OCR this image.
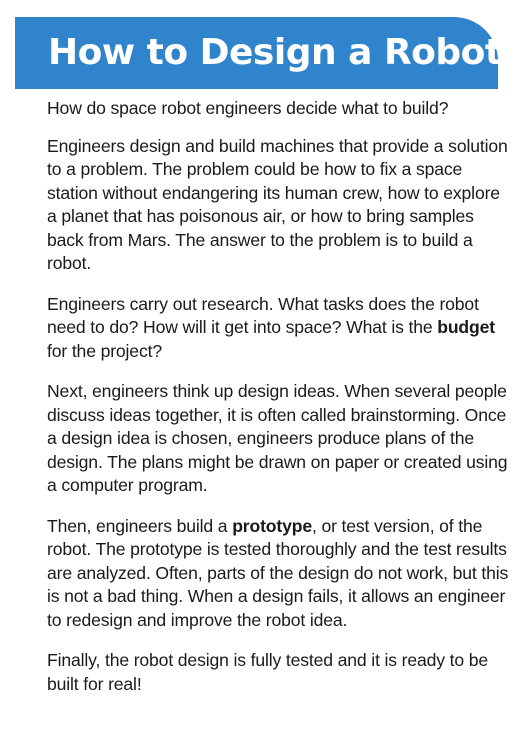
How to Design a Robot

How do space robot engineers decide what to build?

Engineers design and build machines that provide a solution to a problem. The problem could be how to fix a space station without endangering its human crew, how to explore a planet that has poisonous air, or how to bring samples back from Mars. The answer to the problem is to build a robot.

Engineers carry out research. What tasks does the robot need to do? How will it get into space? What is the budget for the project?

Next, engineers think up design ideas. When several people discuss ideas together, it is often called brainstorming. Once a design idea is chosen, engineers produce plans of the design. The plans might be drawn on paper or created using a computer program.

Then, engineers build a prototype, or test version, of the robot. The prototype is tested thoroughly and the test results are analyzed. Often, parts of the design do not work, but this is not a bad thing. When a design fails, it allows an engineer to redesign and improve the robot idea.

Finally, the robot design is fully tested and it is ready to be built for real!
